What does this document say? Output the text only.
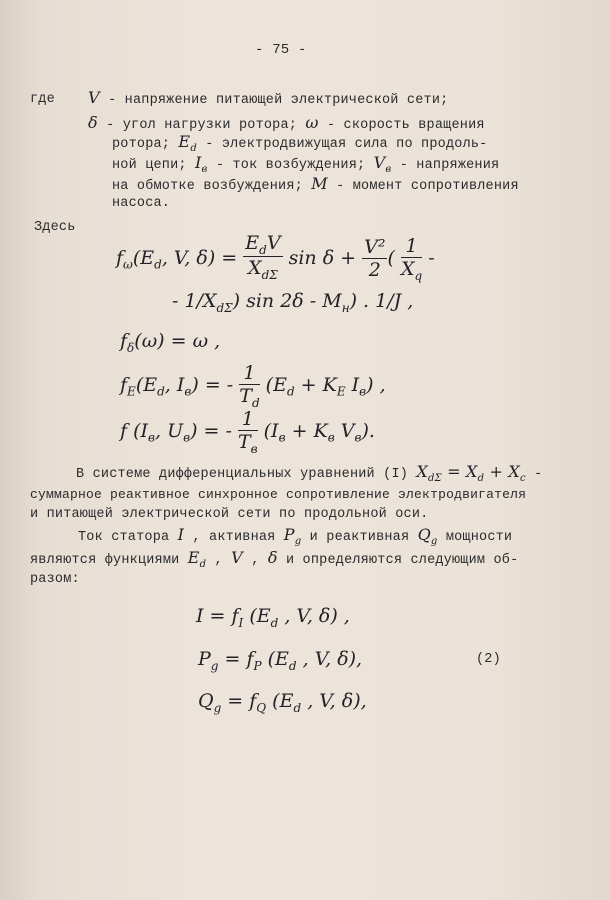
- 75 -
где V - напряжение питающей электрической сети;
δ - угол нагрузки ротора; ω - скорость вращения
ротора; $E_d$ - электродвижущая сила по продоль-
ной цепи; $I_в$ - ток возбуждения; $V_в$ - напряжения
на обмотке возбуждения; M - момент сопротивления
насоса.
Здесь
$f_\omega(E_d$, V, δ) =
$E_dV$
$X_{d\Sigma}$
$\sin \delta + \frac{\text{V²}}{2}$ ( $\frac{1}{X_q}$ -
- $1/X_{d\Sigma}$) $\sin 2\delta - M_н$) . 1/J ,
$f_\delta(\omega) = \omega$ ,
$f_E(E_d$, $I_в$) = - $\frac{1}{T_d} (E_d + K_E$ $I_в$) ,
f ($I_в$, $U_в$) = -
1
$T_в$
($I_в + K_в$ $V_в$).
В системе дифференциальных уравнений (I) $X_{d\Sigma} = X_d + X_c$ -
суммарное реактивное синхронное сопротивление электродвигателя
и питающей электрической сети по продольной оси.
Ток статора I , активная $P_g$ и реактивная $Q_g$ мощности
являются функциями $E_d$ , V , δ и определяются следующим об-
разом:
$I = f_I$ ($E_d$ , V, δ) ,
$P_g = f_P$ ($E_d$ , V, δ),	(2)
$Q_g = f_Q$ ($E_d$ , V, δ),
